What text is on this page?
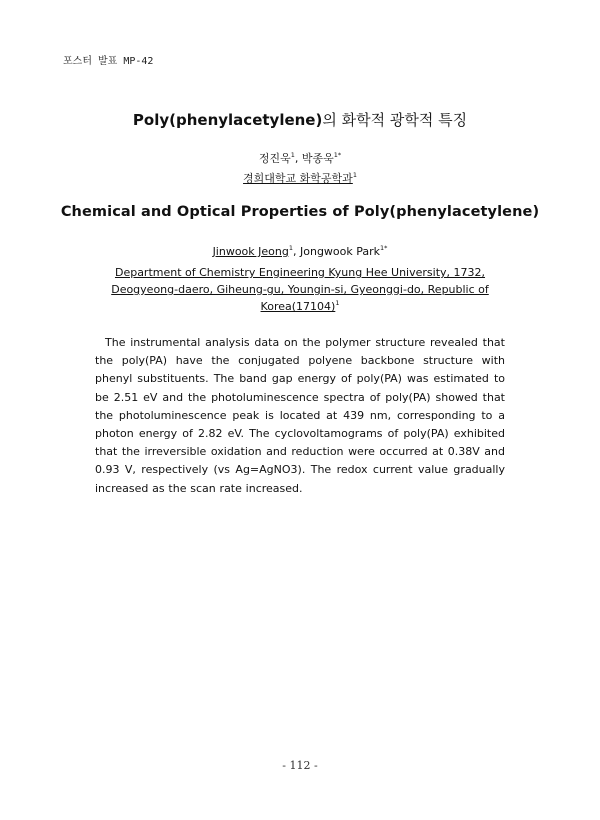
포스터 발표 MP-42
Poly(phenylacetylene)의 화학적 광학적 특징
정진욱$^1$, 박종욱$^{1*}$
경희대학교 화학공학과$^1$
Chemical and Optical Properties of Poly(phenylacetylene)
Jinwook Jeong$^1$, Jongwook Park$^{1*}$
Department of Chemistry Engineering Kyung Hee University, 1732,
Deogyeong-daero, Giheung-gu, Youngin-si, Gyeonggi-do, Republic of
$Korea(17104)^1$
The instrumental analysis data on the polymer structure revealed that the poly(PA) have the conjugated polyene backbone structure with phenyl substituents. The band gap energy of poly(PA) was estimated to be 2.51 eV and the photoluminescence spectra of poly(PA) showed that the photoluminescence peak is located at 439 nm, corresponding to a photon energy of 2.82 eV. The cyclovoltamograms of poly(PA) exhibited that the irreversible oxidation and reduction were occurred at 0.38V and 0.93 V, respectively (vs Ag=AgNO3). The redox current value gradually increased as the scan rate increased.
- 112 -
